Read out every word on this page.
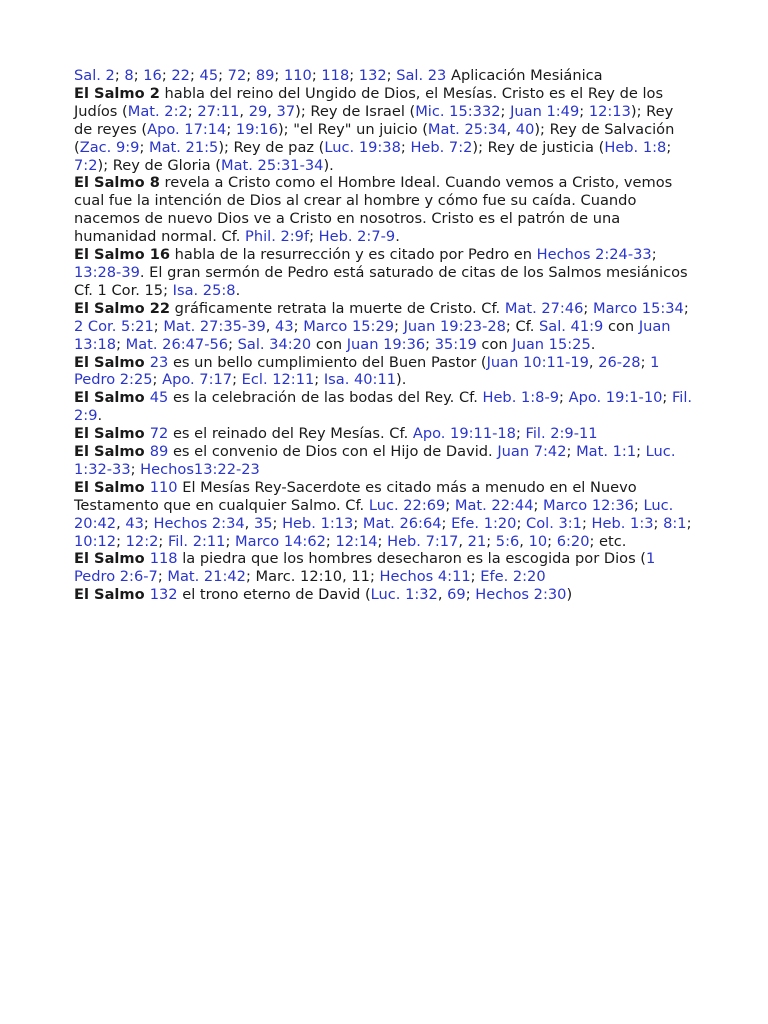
Sal. 2; 8; 16; 22; 45; 72; 89; 110; 118; 132; Sal. 23 Aplicación Mesiánica

El Salmo 2 habla del reino del Ungido de Dios, el Mesías. Cristo es el Rey de los Judíos (Mat. 2:2; 27:11, 29, 37); Rey de Israel (Mic. 15:332; Juan 1:49; 12:13); Rey de reyes (Apo. 17:14; 19:16); "el Rey" un juicio (Mat. 25:34, 40); Rey de Salvación (Zac. 9:9; Mat. 21:5); Rey de paz (Luc. 19:38; Heb. 7:2); Rey de justicia (Heb. 1:8; 7:2); Rey de Gloria (Mat. 25:31-34).

El Salmo 8 revela a Cristo como el Hombre Ideal. Cuando vemos a Cristo, vemos cual fue la intención de Dios al crear al hombre y cómo fue su caída. Cuando nacemos de nuevo Dios ve a Cristo en nosotros. Cristo es el patrón de una humanidad normal. Cf. Phil. 2:9f; Heb. 2:7-9.

El Salmo 16 habla de la resurrección y es citado por Pedro en Hechos 2:24-33; 13:28-39. El gran sermón de Pedro está saturado de citas de los Salmos mesiánicos Cf. 1 Cor. 15; Isa. 25:8.

El Salmo 22 gráficamente retrata la muerte de Cristo. Cf. Mat. 27:46; Marco 15:34; 2 Cor. 5:21; Mat. 27:35-39, 43; Marco 15:29; Juan 19:23-28; Cf. Sal. 41:9 con Juan 13:18; Mat. 26:47-56; Sal. 34:20 con Juan 19:36; 35:19 con Juan 15:25.

El Salmo 23 es un bello cumplimiento del Buen Pastor (Juan 10:11-19, 26-28; 1 Pedro 2:25; Apo. 7:17; Ecl. 12:11; Isa. 40:11).

El Salmo 45 es la celebración de las bodas del Rey. Cf. Heb. 1:8-9; Apo. 19:1-10; Fil. 2:9.

El Salmo 72 es el reinado del Rey Mesías. Cf. Apo. 19:11-18; Fil. 2:9-11

El Salmo 89 es el convenio de Dios con el Hijo de David. Juan 7:42; Mat. 1:1; Luc. 1:32-33; Hechos13:22-23

El Salmo 110 El Mesías Rey-Sacerdote es citado más a menudo en el Nuevo Testamento que en cualquier Salmo. Cf. Luc. 22:69; Mat. 22:44; Marco 12:36; Luc. 20:42, 43; Hechos 2:34, 35; Heb. 1:13; Mat. 26:64; Efe. 1:20; Col. 3:1; Heb. 1:3; 8:1; 10:12; 12:2; Fil. 2:11; Marco 14:62; 12:14; Heb. 7:17, 21; 5:6, 10; 6:20; etc.

El Salmo 118 la piedra que los hombres desecharon es la escogida por Dios (1 Pedro 2:6-7; Mat. 21:42; Marc. 12:10, 11; Hechos 4:11; Efe. 2:20

El Salmo 132 el trono eterno de David (Luc. 1:32, 69; Hechos 2:30)
